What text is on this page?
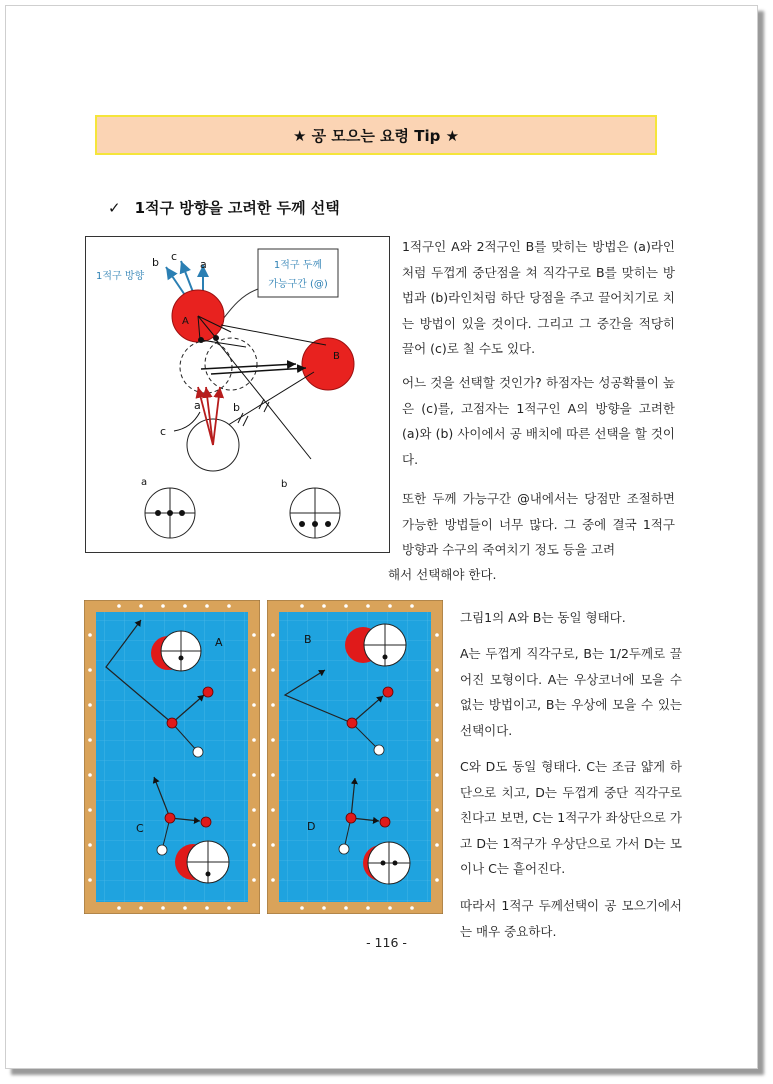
★ 공 모으는 요령 Tip ★
✓ 1적구 방향을 고려한 두께 선택
b c
a
1적구 방향
1적구 두께
가능구간 (@)
A
B
a	b
c
a	b
1적구인 A와 2적구인 B를 맞히는 방법은 (a)라인처럼 두껍게 중단점을 쳐 직각구로 B를 맞히는 방법과 (b)라인처럼 하단 당점을 주고 끌어치기로 치는 방법이 있을 것이다. 그리고 그 중간을 적당히 끌어 (c)로 칠 수도 있다.
어느 것을 선택할 것인가? 하점자는 성공확률이 높은 (c)를, 고점자는 1적구인 A의 방향을 고려한 (a)와 (b) 사이에서 공 배치에 따른 선택을 할 것이다.
또한 두께 가능구간 @내에서는 당점만 조절하면 가능한 방법들이 너무 많다. 그 중에 결국 1적구 방향과 수구의 죽여치기 정도 등을 고려
해서 선택해야 한다.
A
C
B
D
그림1의 A와 B는 동일 형태다.
A는 두껍게 직각구로, B는 1/2두께로 끌어진 모형이다. A는 우상코너에 모을 수 없는 방법이고, B는 우상에 모을 수 있는 선택이다.
C와 D도 동일 형태다. C는 조금 얇게 하단으로 치고, D는 두껍게 중단 직각구로 친다고 보면, C는 1적구가 좌상단으로 가고 D는 1적구가 우상단으로 가서 D는 모이나 C는 흩어진다.
따라서 1적구 두께선택이 공 모으기에서는 매우 중요하다.
- 116 -
